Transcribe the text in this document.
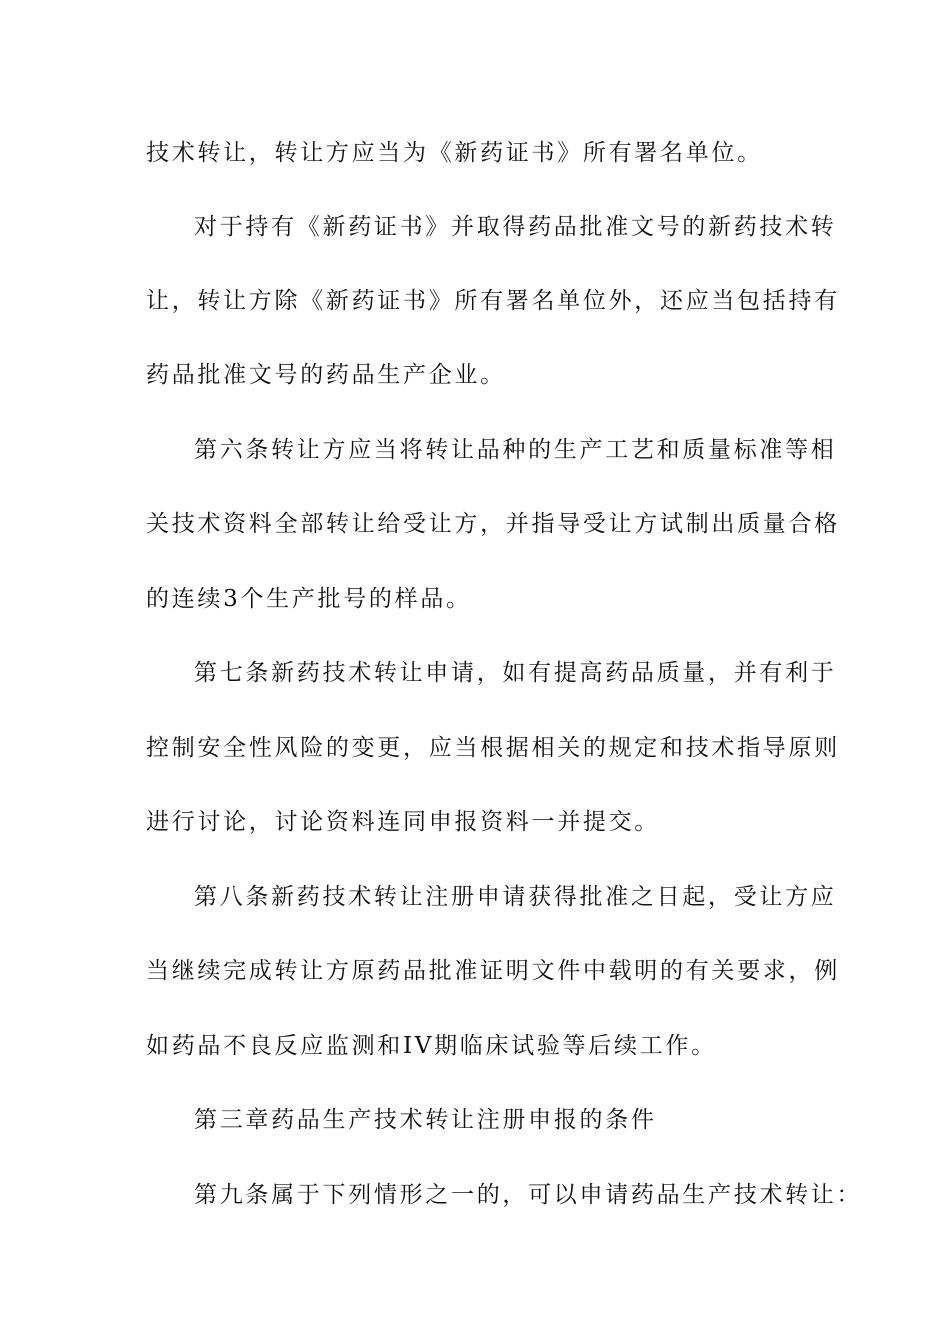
技术转让，转让方应当为《新药证书》所有署名单位。
对于持有《新药证书》并取得药品批准文号的新药技术转
让，转让方除《新药证书》所有署名单位外，还应当包括持有
药品批准文号的药品生产企业。
第六条转让方应当将转让品种的生产工艺和质量标准等相
关技术资料全部转让给受让方，并指导受让方试制出质量合格
的连续3个生产批号的样品。
第七条新药技术转让申请，如有提高药品质量，并有利于
控制安全性风险的变更，应当根据相关的规定和技术指导原则
进行讨论，讨论资料连同申报资料一并提交。
第八条新药技术转让注册申请获得批准之日起，受让方应
当继续完成转让方原药品批准证明文件中载明的有关要求，例
如药品不良反应监测和IV期临床试验等后续工作。
第三章药品生产技术转让注册申报的条件
第九条属于下列情形之一的，可以申请药品生产技术转让：
